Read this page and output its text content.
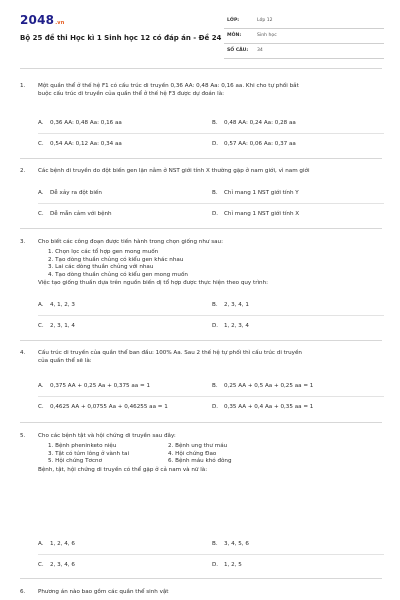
2048.vn
Bộ 25 đề thi Học kì 1 Sinh học 12 có đáp án - Đề 24
LỚP:	Lớp 12
MÔN:	Sinh học
SỐ CÂU: 34
1.	Một quần thể ở thế hệ F1 có cấu trúc di truyền 0,36 AA: 0,48 Aa: 0,16 aa. Khi cho tự phối bắt
buộc cấu trúc di truyền của quần thể ở thế hệ F3 được dự đoán là:
A. 0,36 AA: 0,48 Aa: 0,16 aa	B. 0,48 AA: 0,24 Aa: 0,28 aa
C. 0,54 AA: 0,12 Aa: 0,34 aa	D. 0,57 AA: 0,06 Aa: 0,37 aa
2.	Các bệnh di truyền do đột biến gen lặn nằm ở NST giới tính X thường gặp ở nam giới, vì nam giới
A. Dễ xảy ra đột biến	B. Chỉ mang 1 NST giới tính Y
C. Dễ mẫn cảm với bệnh	D. Chỉ mang 1 NST giới tính X
3.	Cho biết các công đoạn được tiến hành trong chọn giống như sau:
1. Chọn lọc các tổ hợp gen mong muốn
2. Tạo dòng thuần chủng có kiểu gen khác nhau
3. Lai các dòng thuần chủng với nhau
4. Tạo dòng thuần chủng có kiểu gen mong muốn
Việc tạo giống thuần dựa trên nguồn biến dị tổ hợp được thực hiện theo quy trình:
A. 4, 1, 2, 3	B. 2, 3, 4, 1
C. 2, 3, 1, 4	D. 1, 2, 3, 4
4.	Cấu trúc di truyền của quần thể ban đầu: 100% Aa. Sau 2 thế hệ tự phối thì cấu trúc di truyền
của quần thể sẽ là:
A. 0,375 AA + 0,25 Aa + 0,375 aa = 1	B. 0,25 AA + 0,5 Aa + 0,25 aa = 1
C. 0,4625 AA + 0,0755 Aa + 0,46255 aa = 1	D. 0,35 AA + 0,4 Aa + 0,35 aa = 1
5.	Cho các bệnh tật và hội chứng di truyền sau đây:
1. Bệnh pheninketo niệu	2. Bệnh ung thư máu
3. Tật có túm lông ở vành tai	4. Hội chứng Đao
5. Hội chứng Tơcnơ	6. Bệnh máu khó đông
Bệnh, tật, hội chứng di truyền có thể gặp ở cả nam và nữ là:
A. 1, 2, 4, 6	B. 3, 4, 5, 6
C. 2, 3, 4, 6	D. 1, 2, 5
6.	Phương án nào bao gồm các quần thể sinh vật
